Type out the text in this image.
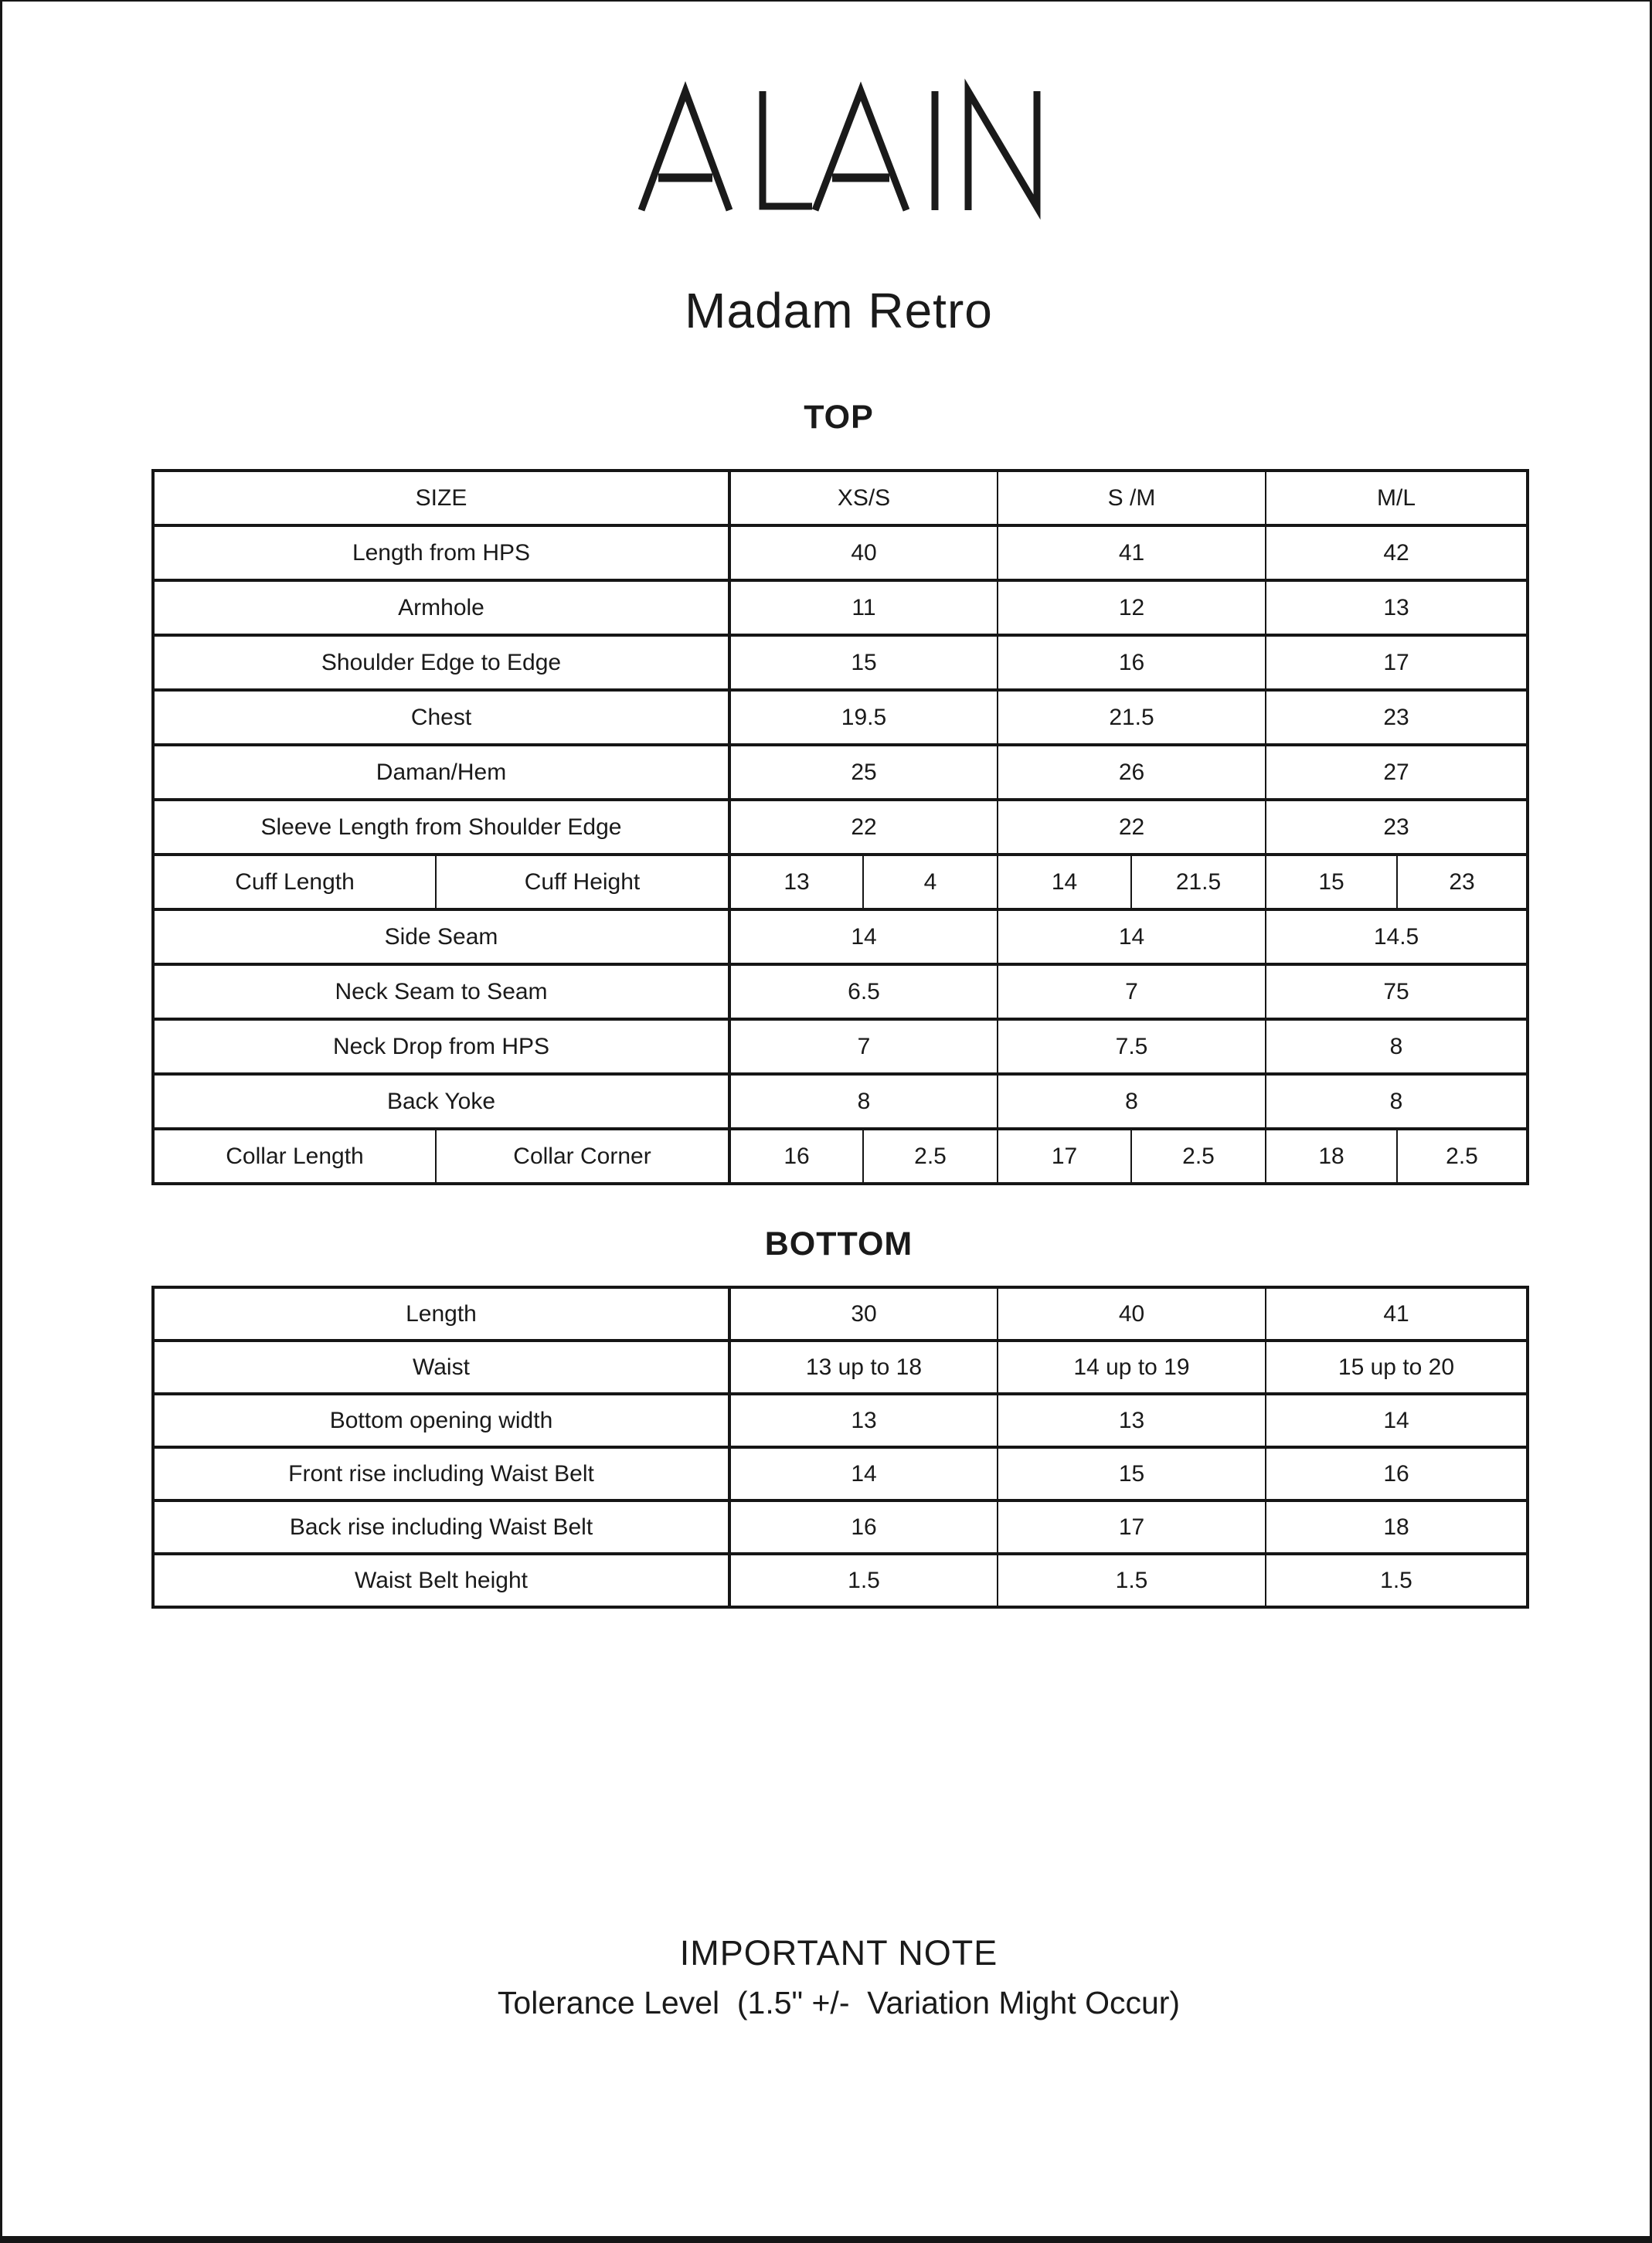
Madam Retro
TOP
SIZE		XS/S		S /M		M/L	
Length from HPS		40		41		42	
Armhole		11		12		13	
Shoulder Edge to Edge		15		16		17	
Chest		19.5		21.5		23	
Daman/Hem		25		26		27	
Sleeve Length from Shoulder Edge		22		22		23	
Cuff Length	Cuff Height	13	4	14	21.5	15	23
Side Seam		14		14		14.5	
Neck Seam to Seam		6.5		7		75	
Neck Drop from HPS		7		7.5		8	
Back Yoke		8		8		8	
Collar Length	Collar Corner	16	2.5	17	2.5	18	2.5
BOTTOM
Length	30	40	41
Waist	13 up to 18	14 up to 19	15 up to 20
Bottom opening width	13	13	14
Front rise including Waist Belt	14	15	16
Back rise including Waist Belt	16	17	18
Waist Belt height	1.5	1.5	1.5
IMPORTANT NOTE
Tolerance Level  (1.5" +/-  Variation Might Occur)
